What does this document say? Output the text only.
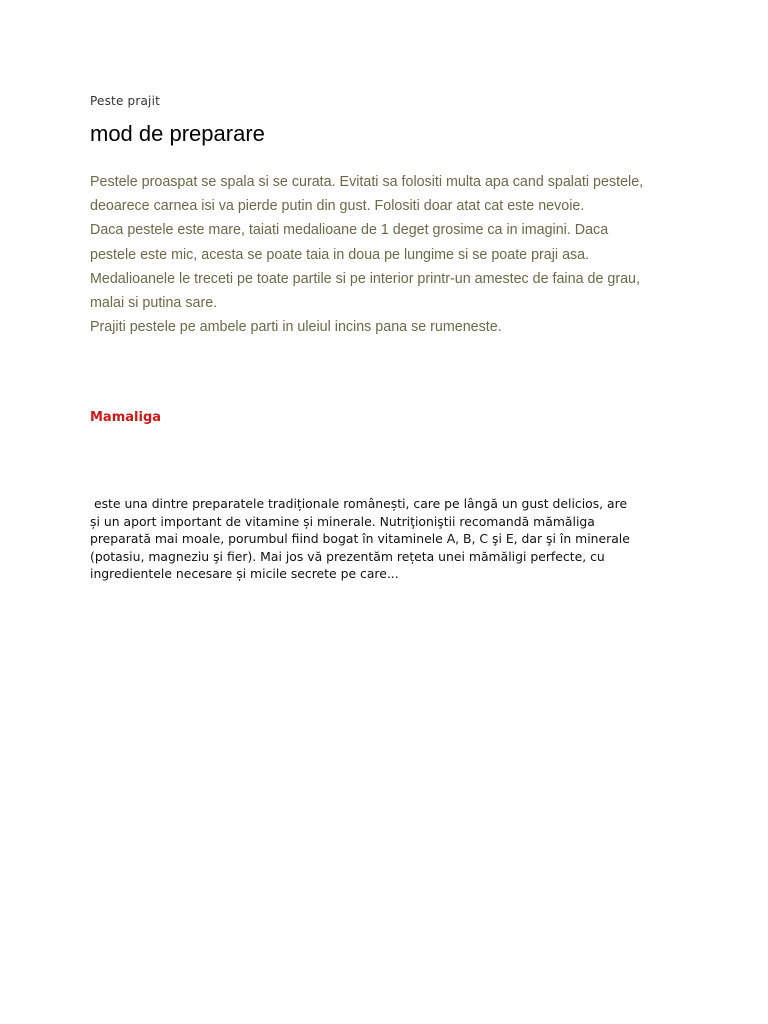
Peste prajit
mod de preparare

Pestele proaspat se spala si se curata. Evitati sa folositi multa apa cand spalati pestele,

deoarece carnea isi va pierde putin din gust. Folositi doar atat cat este nevoie.

Daca pestele este mare, taiati medalioane de 1 deget grosime ca in imagini. Daca

pestele este mic, acesta se poate taia in doua pe lungime si se poate praji asa.

Medalioanele le treceti pe toate partile si pe interior printr-un amestec de faina de grau,

malai si putina sare.

Prajiti pestele pe ambele parti in uleiul incins pana se rumeneste.

Mamaliga
este una dintre preparatele tradiționale românești, care pe lângă un gust delicios, are
și un aport important de vitamine și minerale. Nutriţioniştii recomandă mămăliga
preparată mai moale, porumbul fiind bogat în vitaminele A, B, C şi E, dar şi în minerale
(potasiu, magneziu şi fier). Mai jos vă prezentăm rețeta unei mămăligi perfecte, cu
ingredientele necesare și micile secrete pe care...
